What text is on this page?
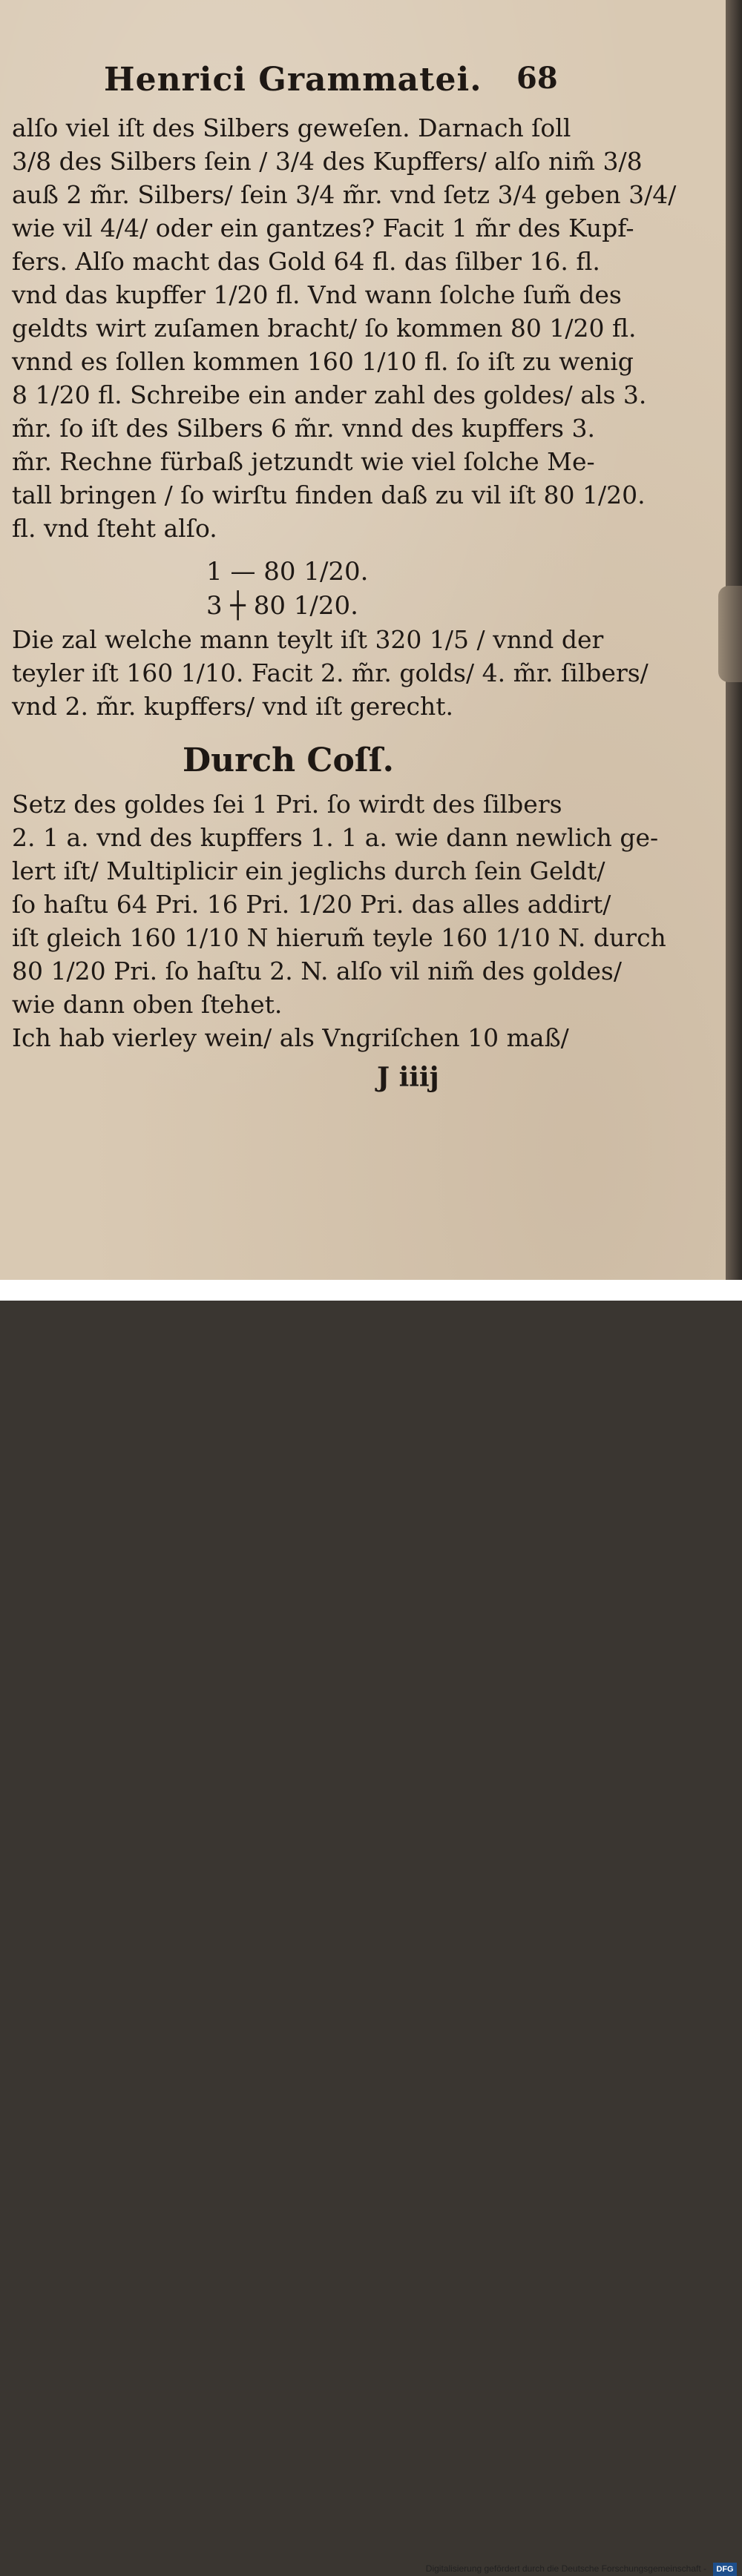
Henrici Grammatei. 68
alſo viel iſt des Silbers geweſen. Darnach ſoll
3/8 des Silbers ſein / 3/4 des Kupffers/ alſo nim̃ 3/8
auß 2 m̃r. Silbers/ ſein 3/4 m̃r. vnd ſetz 3/4 geben 3/4/
wie vil 4/4/ oder ein gantzes? Facit 1 m̃r des Kupf-
fers. Alſo macht das Gold 64 fl. das ſilber 16. fl.
vnd das kupffer 1/20 fl. Vnd wann ſolche ſum̃ des
geldts wirt zuſamen bracht/ ſo kommen 80 1/20 fl.
vnnd es ſollen kommen 160 1/10 fl. ſo iſt zu wenig
8 1/20 fl. Schreibe ein ander zahl des goldes/ als 3.
m̃r. ſo iſt des Silbers 6 m̃r. vnnd des kupffers 3.
m̃r. Rechne fürbaß jetzundt wie viel ſolche Me-
tall bringen / ſo wirſtu finden daß zu vil iſt 80 1/20.
fl. vnd ſteht alſo.
1 — 80 1/20.
3 ┼ 80 1/20.
Die zal welche mann teylt iſt 320 1/5 / vnnd der
teyler iſt 160 1/10. Facit 2. m̃r. golds/ 4. m̃r. ſilbers/
vnd 2. m̃r. kupffers/ vnd iſt gerecht.
Durch Coſſ.
Setz des goldes ſei 1 Pri. ſo wirdt des ſilbers
2. 1 a. vnd des kupffers 1. 1 a. wie dann newlich ge-
lert iſt/ Multiplicir ein jeglichs durch ſein Geldt/
ſo haſtu 64 Pri. 16 Pri. 1/20 Pri. das alles addirt/
iſt gleich 160 1/10 N hierum̃ teyle 160 1/10 N. durch
80 1/20 Pri. ſo haſtu 2. N. alſo vil nim̃ des goldes/
wie dann oben ſtehet.
Ich hab vierley wein/ als Vngriſchen 10 maß/
J iiij
Digitalisierung gefördert durch die Deutsche Forschungsgemeinschaft -	DFG
